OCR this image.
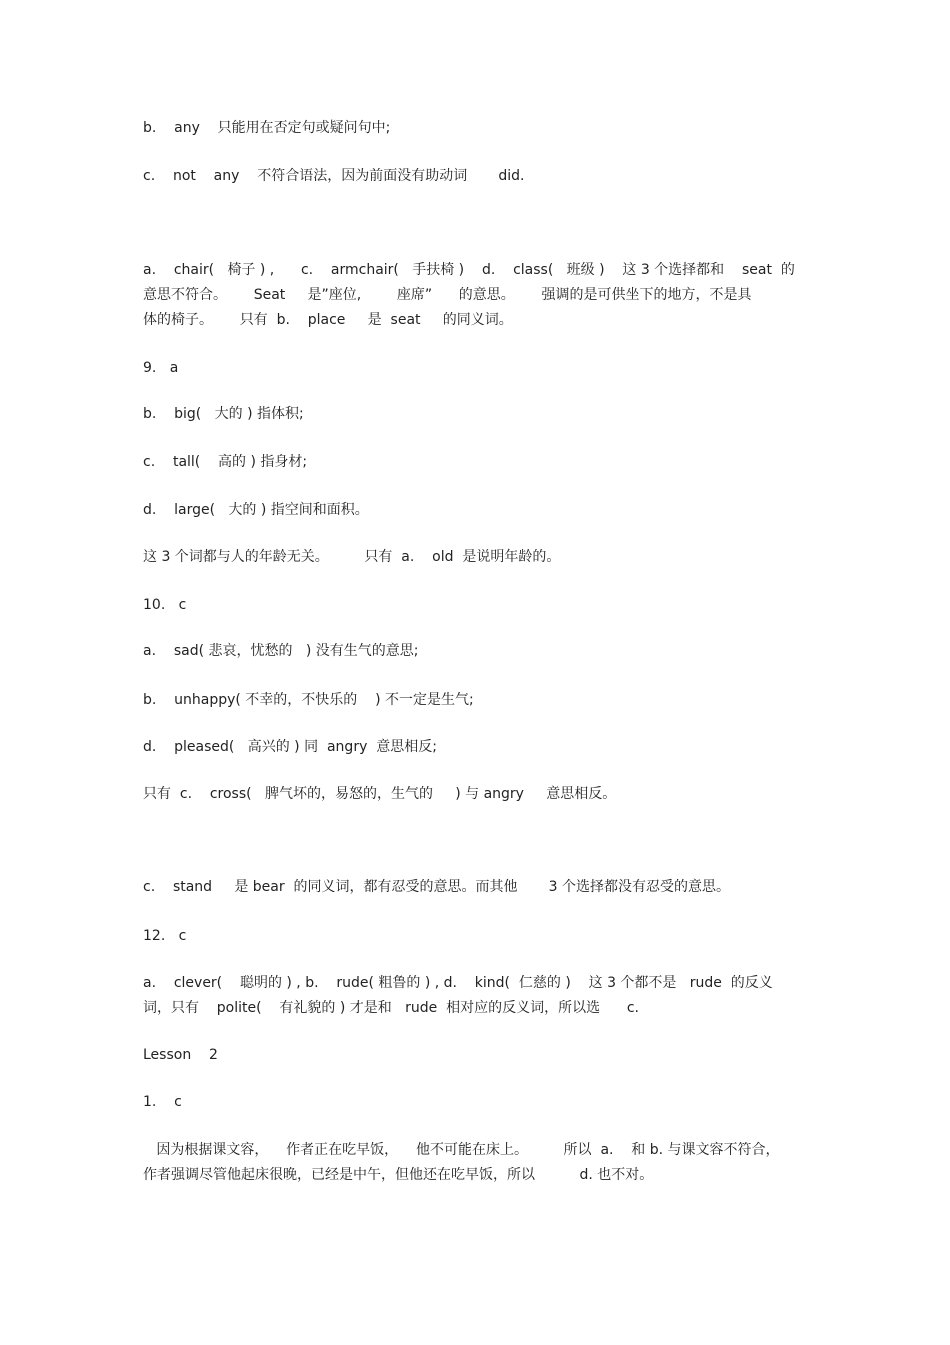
b.    any    只能用在否定句或疑问句中;
c.    not    any    不符合语法，因为前面没有助动词       did.
a.    chair(   椅子 ) ,      c.    armchair(   手扶椅 )    d.    class(   班级 )    这 3 个选择都和    seat  的
意思不符合。      Seat     是”座位,        座席”      的意思。      强调的是可供坐下的地方，不是具
体的椅子。      只有  b.    place     是  seat     的同义词。
9.   a
b.    big(   大的 ) 指体积;
c.    tall(    高的 ) 指身材;
d.    large(   大的 ) 指空间和面积。
这 3 个词都与人的年龄无关。        只有  a.    old  是说明年龄的。
10.   c
a.    sad( 悲哀，忧愁的   ) 没有生气的意思;
b.    unhappy( 不幸的，不快乐的    ) 不一定是生气;
d.    pleased(   高兴的 ) 同  angry  意思相反;
只有  c.    cross(   脾气坏的，易怒的，生气的     ) 与 angry     意思相反。
c.    stand     是 bear  的同义词，都有忍受的意思。而其他       3 个选择都没有忍受的意思。
12.   c
a.    clever(    聪明的 ) , b.    rude( 粗鲁的 ) , d.    kind(  仁慈的 )    这 3 个都不是   rude  的反义
词，只有    polite(    有礼貌的 ) 才是和   rude  相对应的反义词，所以选      c.
Lesson    2
1.    c
因为根据课文容，    作者正在吃早饭，    他不可能在床上。        所以  a.    和 b. 与课文容不符合，
作者强调尽管他起床很晚，已经是中午，但他还在吃早饭，所以          d. 也不对。
